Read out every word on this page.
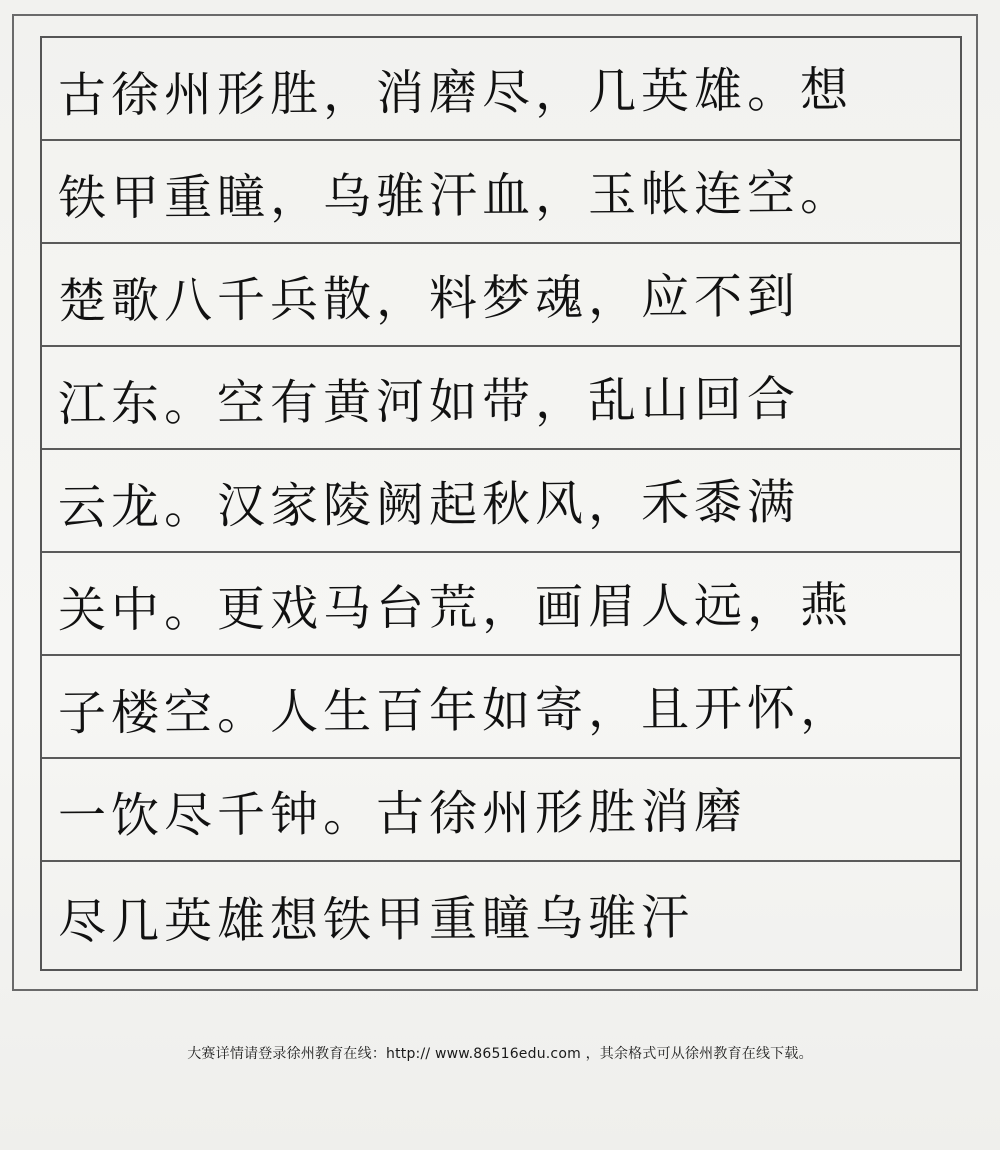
古徐州形胜，消磨尽，几英雄。想
铁甲重瞳，乌骓汗血，玉帐连空。
楚歌八千兵散，料梦魂，应不到
江东。空有黄河如带，乱山回合
云龙。汉家陵阙起秋风，禾黍满
关中。更戏马台荒，画眉人远，燕
子楼空。人生百年如寄，且开怀，
一饮尽千钟。古徐州形胜消磨
尽几英雄想铁甲重瞳乌骓汗
大赛详情请登录徐州教育在线：http:// www.86516edu.com ，其余格式可从徐州教育在线下载。
